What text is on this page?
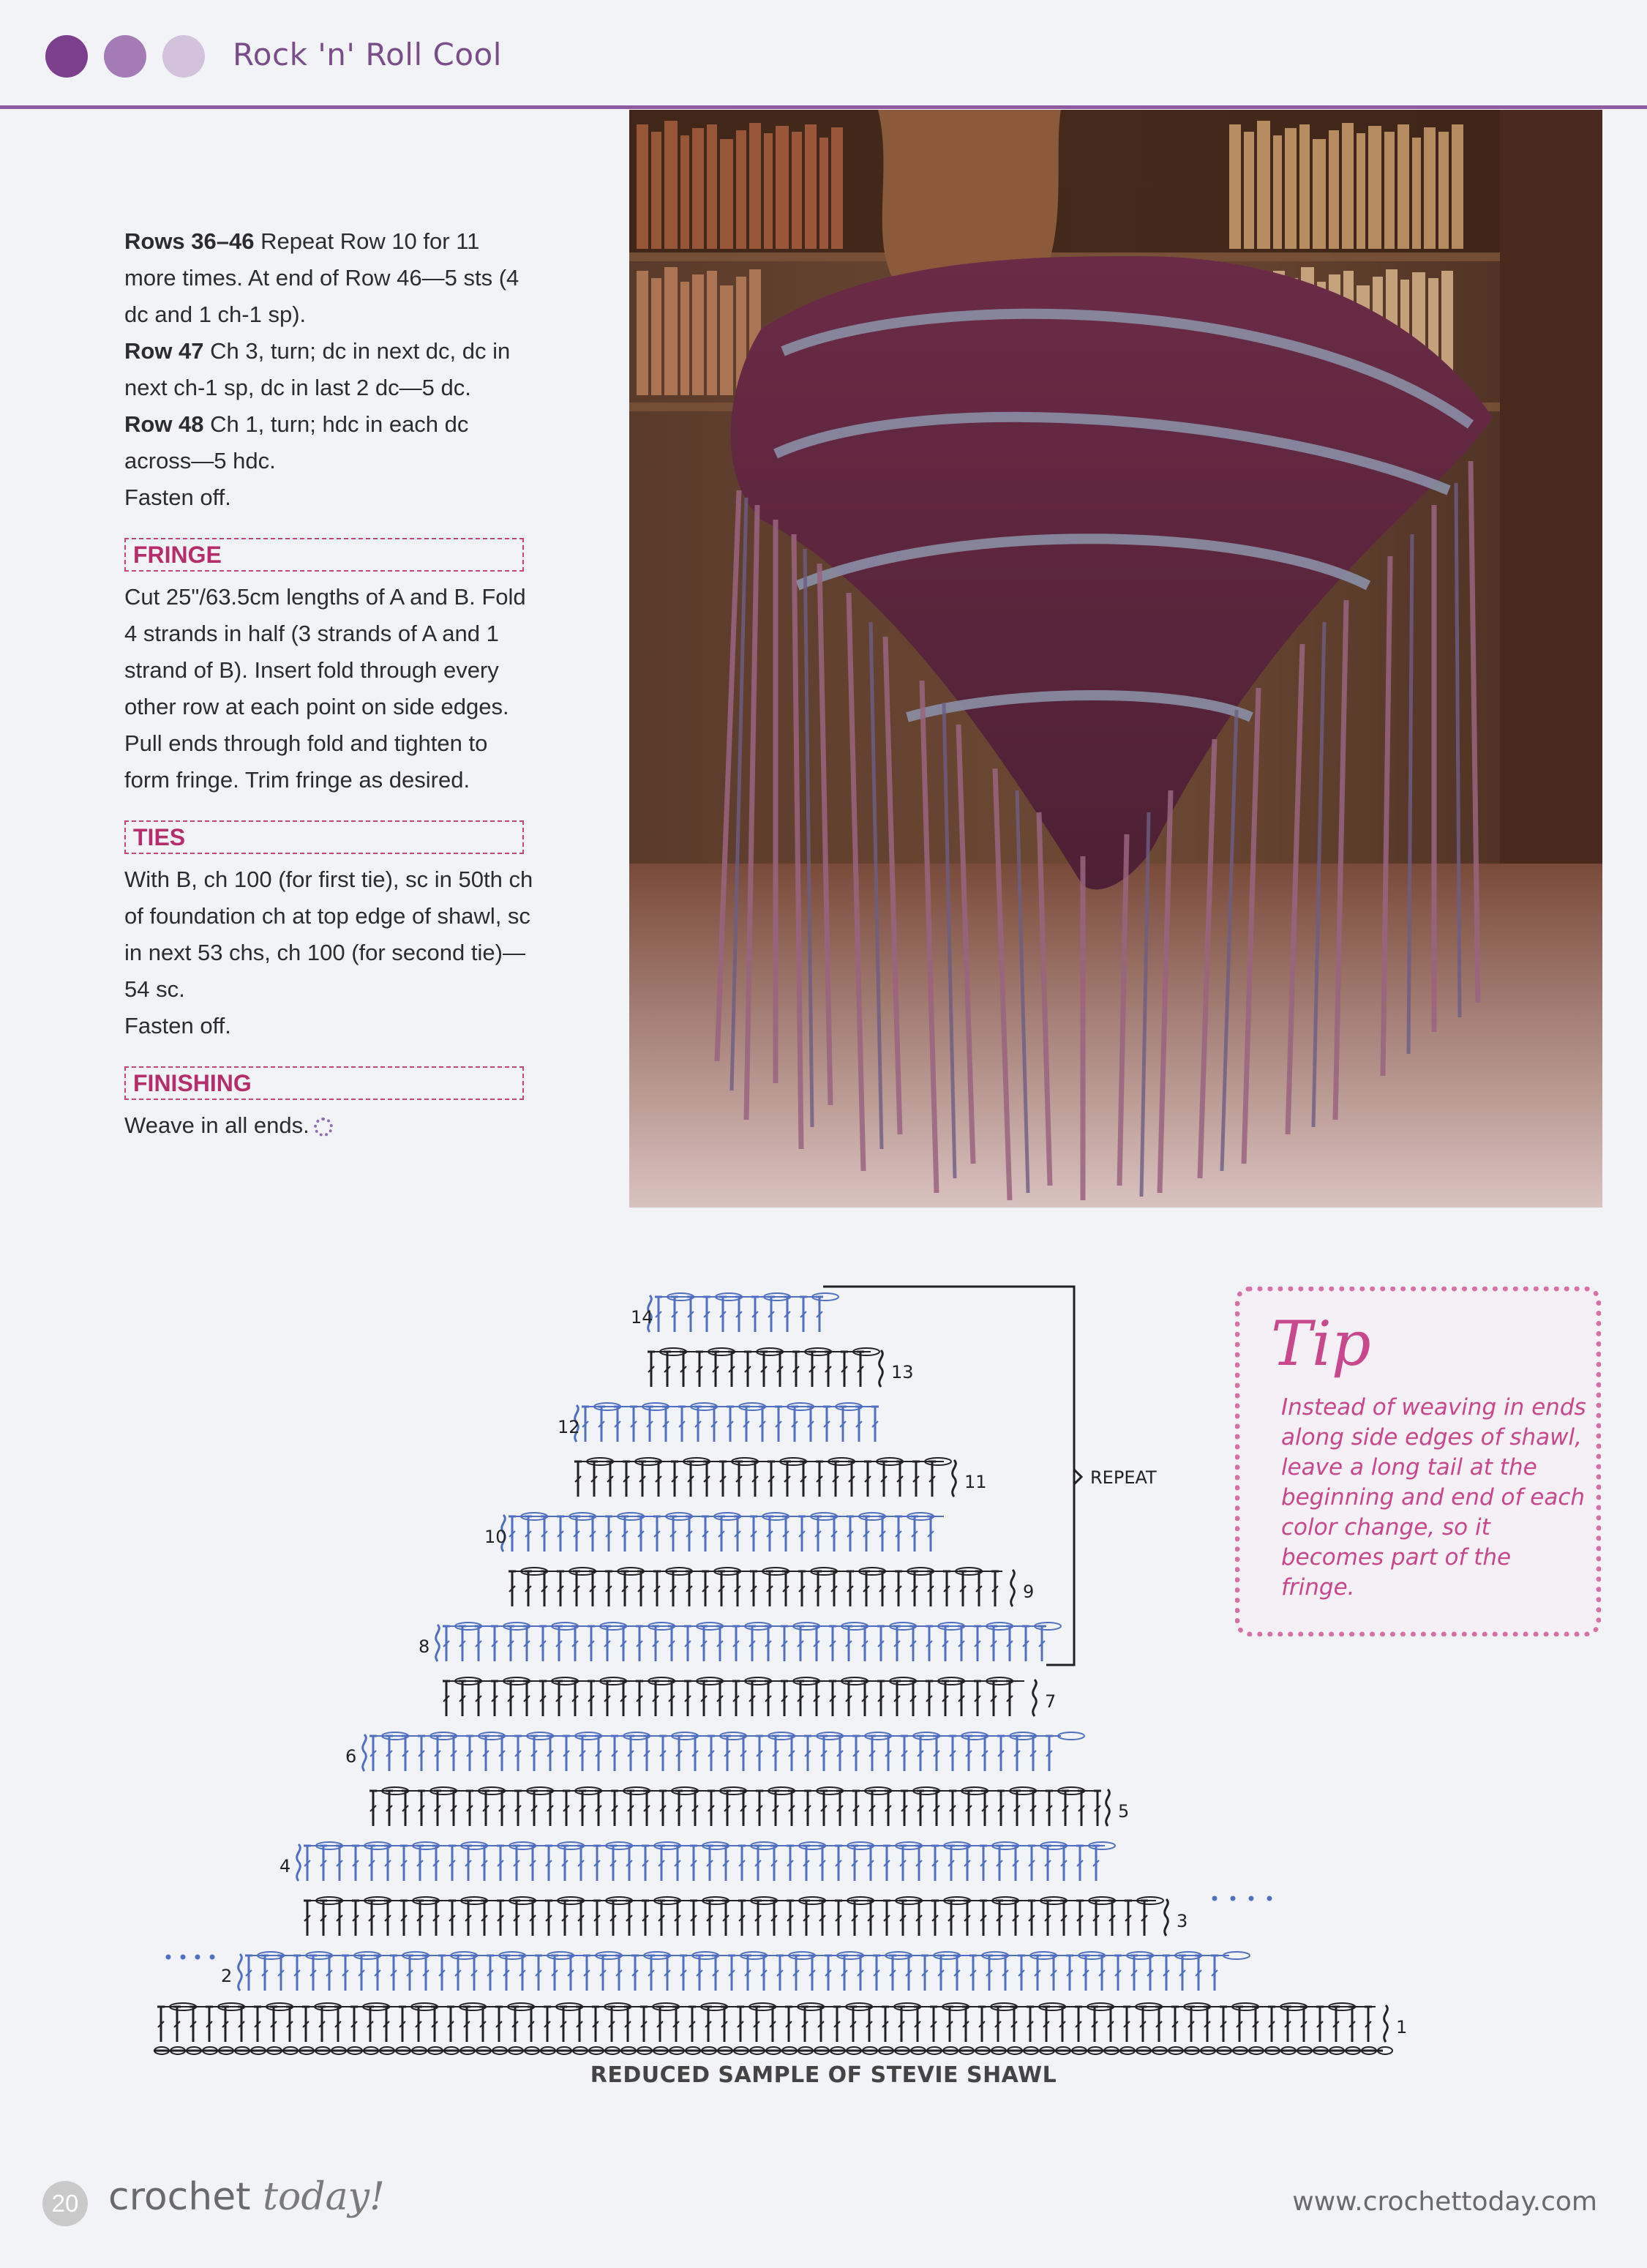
Rock 'n' Roll Cool
Rows 36–46 Repeat Row 10 for 11 more times. At end of Row 46—5 sts (4 dc and 1 ch-1 sp).
Row 47 Ch 3, turn; dc in next dc, dc in next ch-1 sp, dc in last 2 dc—5 dc.
Row 48 Ch 1, turn; hdc in each dc across—5 hdc.
Fasten off.
FRINGE
Cut 25"/63.5cm lengths of A and B. Fold 4 strands in half (3 strands of A and 1 strand of B). Insert fold through every other row at each point on side edges. Pull ends through fold and tighten to form fringe. Trim fringe as desired.
TIES
With B, ch 100 (for first tie), sc in 50th ch of foundation ch at top edge of shawl, sc in next 53 chs, ch 100 (for second tie)—54 sc.
Fasten off.
FINISHING
Weave in all ends.
Tip
Instead of weaving in ends along side edges of shawl, leave a long tail at the beginning and end of each color change, so it becomes part of the fringe.
1
2
3
4
5
6
7
8
9
10
11
12
13
14
REPEAT
REDUCED SAMPLE OF STEVIE SHAWL
20 crochet today!	www.crochettoday.com
